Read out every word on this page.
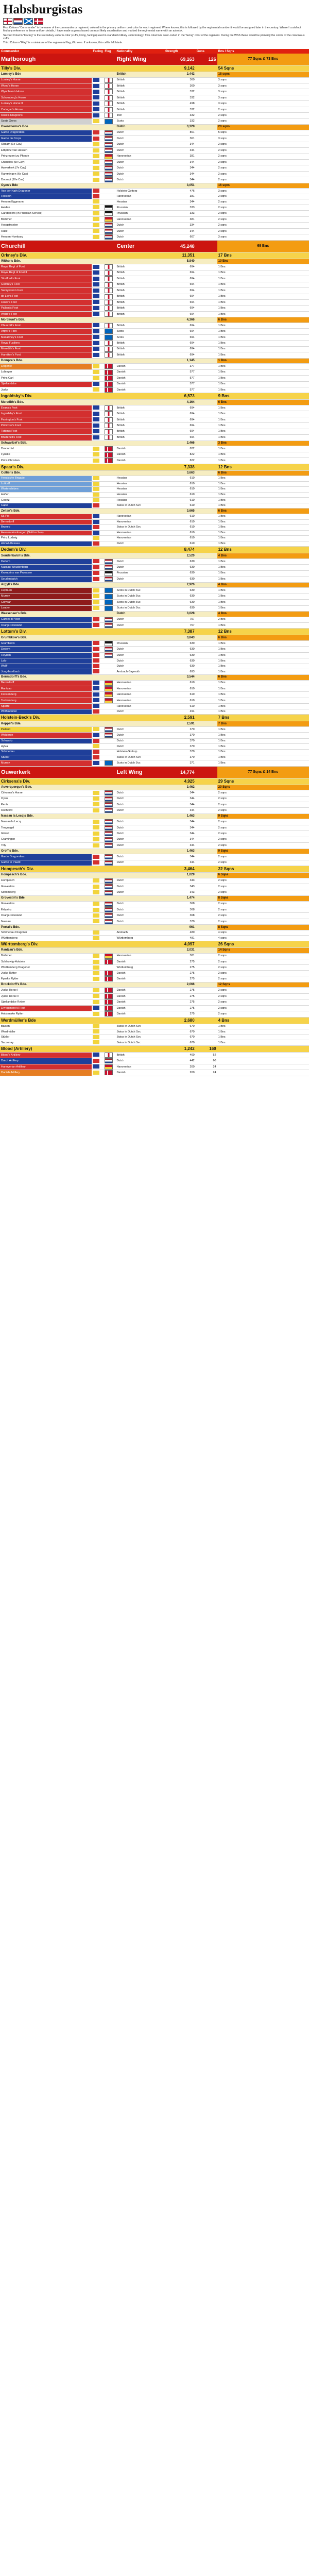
Habsburgistas

First Column "Commander" is the name of the commander or regiment; colored in the primary uniform coat color for each regiment. Where known, this is followed by the regimental number it would be assigned later in the century. Where I could not find any reference to these uniform details, I have made a guess based on most likely coordination and marked the regimental name with an asterisk.

Second Column "Facing" is the secondary uniform color (cuffs, lining, facings) used in standard military uniformology. This column is color-coded in the 'facing' color of the regiment. During the WSS these would be primarily the colors of the coloonious cuffs.

Third Column "Flag" is a miniature of the regimental flag, if known. If unknown, this cell is left blank.

Commander	Facing	Flag	Nationality	Strength	Guns	Bns / Sqns
Marlborough			Right Wing	69,163	126	77 Sqns & 73 Bns
Tilly's Div.				9,142		54 Sqns
Lumley's Bde			British	2,442		18 sqns
Lumley's Horse			British	360		3 sqns
Wood's Horse			British	360		3 sqns
Wyndham's Horse			British	332		3 sqns
Schomberg's Horse			British	332		3 sqns
Lumley's Horse II			British	498		3 sqns
Cadogan's Horse			British	332		2 sqns
Ross's Dragoons			Irish	332		2 sqns
Scots Greys			Scots	332		2 sqns
Oxenstierna's Bde			Dutch	3,328		20 sqns
Garde Dragonders			Dutch	861		5 sqns
Garde du Corps			Dutch	361		3 sqns
Obdam (1e Cav)			Dutch	344		2 sqns
Erbprinz van Hessen			Dutch	344		2 sqns
Prinzregent zu Pfonde			Hanoverian	381		2 sqns
Chanclos (5e Cav)			Dutch	344		2 sqns
Auwerkerk (7e Cav)			Dutch	344		2 sqns
Rammingen (6e Cav)			Dutch	344		2 sqns
Doompt (10e Cav)			Dutch	344		2 sqns
Oyen's Bde				3,051		16 sqns
Van der Nath Dragoner			Holstein-Gottorp	476		3 sqns
Holstein			Hanoverian	381		2 sqns
Hessen Eggmann			Hessian	344		2 sqns
Heiden			Prussian	333		2 sqns
Carabiniers (in Prussian Service)			Prussian	333		2 sqns
Bothmer			Hanoverian	381		2 sqns
Hoogstraeten			Dutch	334		2 sqns
Ruile			Dutch	344		2 sqns
Hessen-Homburg			Dutch	607		3 sqns
Churchill			Center	45,248		69 Bns
Orkney's Div.				11,351		17 Bns
Wither's Bde.				5,840		10 Bns
Royal Regt of Foot			British	694		1 Bns
Royal Regt of Foot II			British	694		1 Bns
Stratford's Foot			British	694		1 Bns
Godfrey's Foot			British	694		1 Bns
Sabrynden's Foot			British	694		1 Bns
de Lov's Foot			British	694		1 Bns
Howe's Foot			British	694		1 Bns
Pallant's Foot			British	694		1 Bns
Webb's Foot			British	694		1 Bns
Mordaunt's Bde.				4,366		6 Bns
Churchill's Foot			British	694		1 Bns
Argyll's Foot			Scots	694		1 Bns
Macartney's Foot			Scots	694		1 Bns
Royal Fusiliers			British	694		1 Bns
Meredith's Foot			British	694		1 Bns
Hamilton's Foot			British	694		1 Bns
Dompre's Bde.				1,145		1 Bns
Lingenfe			Danish	377		1 Bns
Lobinger			Danish	577		1 Bns
Prins Carl			Danish	577		1 Bns
Sjællandske			Danish	577		1 Bns
Jyske			Danish	577		1 Bns
Ingoldsby's Div.				6,573		9 Bns
Meredith's Bde.				4,164		6 Bns
Evans's Foot			British	694		1 Bns
Ingoldsby's Foot			British	694		1 Bns
Farrington's Foot			British	694		1 Bns
Primrose's Foot			British	694		1 Bns
Tatton's Foot			British	694		1 Bns
Brudenell's Foot			British	694		1 Bns
Schwartzel's Bde.				2,466		3 Bns
Dronn Livl			Danish	822		1 Bns
Fynske			Danish	822		1 Bns
Prins Christian			Danish	822		1 Bns
Spaar's Div.				7,338		12 Bns
Collier's Bde.				3,663		6 Bns
Hessische Brigade			Hessian	610		1 Bns
Luttorff			Hessian	610		1 Bns
Wartensleben			Hessian	610		1 Bns
Hoffen			Hessian	610		1 Bns
Goertz			Hessian	610		1 Bns
Capel			Swiss in Dutch Svc	610		1 Bns
Zelten's Bde.				3,665		6 Bns
St. Pol			Hanoverian	610		1 Bns
Bernsdorff			Hanoverian	610		1 Bns
Bruneb			Swiss in Dutch Svc	610		1 Bns
Hessen-Homburgen (Salitzschen)			Hanoverian	610		1 Bns
Prinz Ludwig			Hanoverian	610		1 Bns
Anhalt-Dessau			Dutch	610		1 Bns
Dedem's Div.				8,474		12 Bns
Soudenbalch's Bde.				2,520		4 Bns
Dedem			Dutch	630		1 Bns
Nassau-Woudenberg			Dutch	630		1 Bns
Kromprins van Pruessen			Prussian	630		1 Bns
Soudenbalch			Dutch	630		1 Bns
Argyll's Bde.				2,926		4 Bns
Hepburn			Scots in Dutch Svc	630		1 Bns
Murray			Scots in Dutch Svc	630		1 Bns
Colyear			Scots in Dutch Svc	630		1 Bns
Lauder			Scots in Dutch Svc	630		1 Bns
Wassenaer's Bde.			Dutch	3,028		4 Bns
Gardes te Voet			Dutch	757		2 Bns
Oranje-Friesland			Dutch	757		1 Bns
Lottum's Div.				7,387		12 Bns
Grumbkow's Bde.				3,843		6 Bns
Grumbkow			Prussian	630		1 Bns
Dedem			Dutch	630		1 Bns
Heyden			Dutch	630		1 Bns
Lalo			Dutch	630		1 Bns
Wolff			Dutch	630		1 Bns
Jung-Isselbach			Ansbach-Bayreuth	693		1 Bns
Bernsdorff's Bde.				3,544		6 Bns
Bernsdorff			Hanoverian	610		1 Bns
Rantzau			Hanoverian	610		1 Bns
Fürstenberg			Hanoverian	610		1 Bns
Tecklenburg			Hanoverian	610		1 Bns
Sparre			Hanoverian	610		1 Bns
Wolfenbüttel			Dutch	494		1 Bns
Holstein-Beck's Div.				2,591		7 Bns
Keppel's Bde.				2,591		7 Bns
Palland			Dutch	370		1 Bns
Welderen			Dutch	370		1 Bns
Schwartz			Dutch	370		1 Bns
Aylva			Dutch	370		1 Bns
Schmettau			Holstein-Gottorp	370		1 Bns
Sturler			Swiss in Dutch Svc	370		1 Bns
Murray			Scots in Dutch Svc	371		1 Bns
Ouwerkerk			Left Wing	14,774		77 Sqns & 14 Bns
Cirksena's Div.				4,925		29 Sqns
Auverquerque's Bde.				3,462		20 Sqns
Cirksena's Horse			Dutch	344		2 sqns
Oyen			Dutch	344		2 sqns
Pentz			Dutch	344		2 sqns
Rochford			Dutch	344		2 sqns
Nassau la Lecq's Bde.				1,463		9 Sqns
Nassau la Lecq			Dutch	344		2 sqns
Tengnagel			Dutch	344		2 sqns
Ginkel			Dutch	344		2 sqns
Gramingen			Dutch	344		2 sqns
Tilly			Dutch	344		2 sqns
Oroff's Bde.				1,463		9 Sqns
Garde Dragonders			Dutch	344		2 sqns
Garde te Paard			Dutch	344		2 sqns
Hompesch's Div.				3,464		22 Sqns
Hompesch's Bde.				1,029		6 Sqns
Hompesch			Dutch	343		2 sqns
Grovestins			Dutch	343		2 sqns
Schomberg			Dutch	343		2 sqns
Grovestin's Bde.				1,474		8 Sqns
Grovestins			Dutch	368		2 sqns
Erbprinz			Dutch	368		2 sqns
Oranje-Friesland			Dutch	368		2 sqns
Nassau			Dutch	370		2 sqns
Portal's Bde.				961		8 Sqns
Schmettau Dragoner			Ansbach	480		4 sqns
Württemberg			Württemberg	481		4 sqns
Württemberg's Div.				4,097		26 Sqns
Rantzau's Bde.				2,031		14 Sqns
Bothmer			Hanoverian	381		2 sqns
Schleswig-Holstein			Danish	275		2 sqns
Württemberg Dragoner			Württemberg	275		2 sqns
Jyske Rytter			Danish	275		2 sqns
Fynske Rytter			Danish	275		2 sqns
Brockdorff's Bde.				2,066		12 Sqns
Jyske Horse I			Danish	275		2 sqns
Jyske Horse II			Danish	275		2 sqns
Sjællandske Rytter			Danish	275		2 sqns
Livregiment til Hest			Danish	275		2 sqns
Holstenske Rytter			Danish	275		2 sqns
Werdmüller's Bde				2,680		4 Bns
Balsen			Swiss in Dutch Svc	670		1 Bns
Werdmüller			Swiss in Dutch Svc	670		1 Bns
Stürler			Swiss in Dutch Svc	670		1 Bns
Sacconay			Swiss in Dutch Svc	670		1 Bns
Blood (Artillery)				1,242	160	
Blood's Artillery			British	400	52	
Dutch Artillery			Dutch	442	60	
Hanoverian Artillery			Hanoverian	200	24	
Danish Artillery			Danish	200	24	
